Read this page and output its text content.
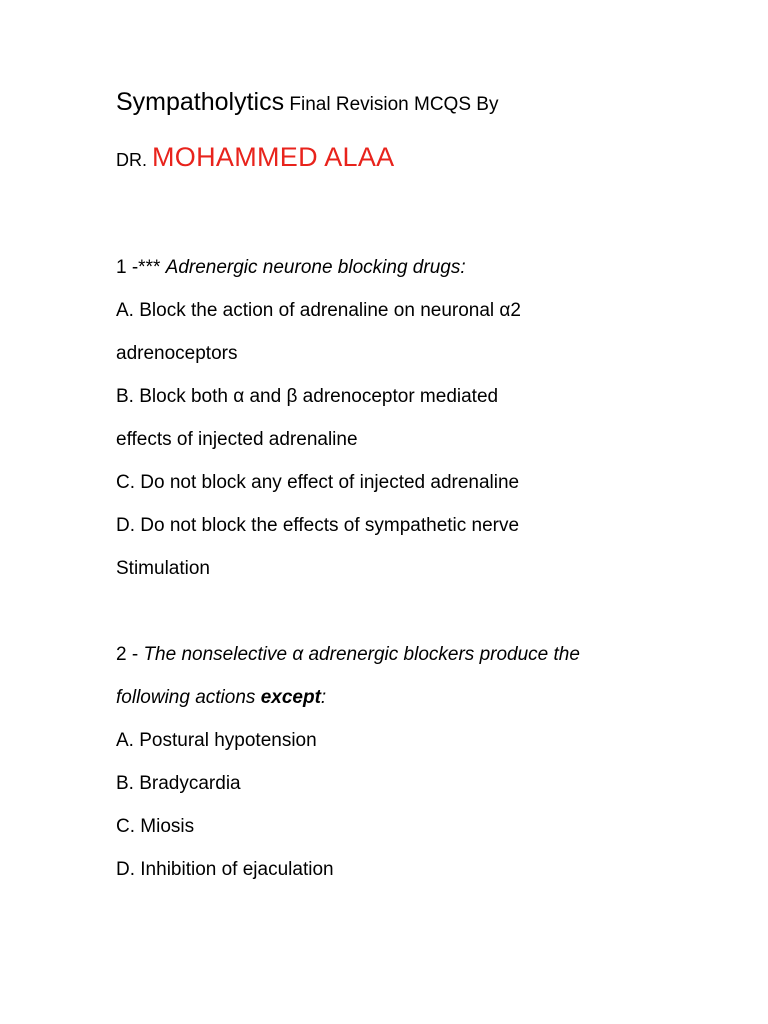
Sympatholytics Final Revision MCQS By
DR. MOHAMMED ALAA
1 -*** Adrenergic neurone blocking drugs:
A. Block the action of adrenaline on neuronal α2
adrenoceptors
B. Block both α and β adrenoceptor mediated
effects of injected adrenaline
C. Do not block any effect of injected adrenaline
D. Do not block the effects of sympathetic nerve
Stimulation
2 - The nonselective α adrenergic blockers produce the
following actions except:
A. Postural hypotension
B. Bradycardia
C. Miosis
D. Inhibition of ejaculation
